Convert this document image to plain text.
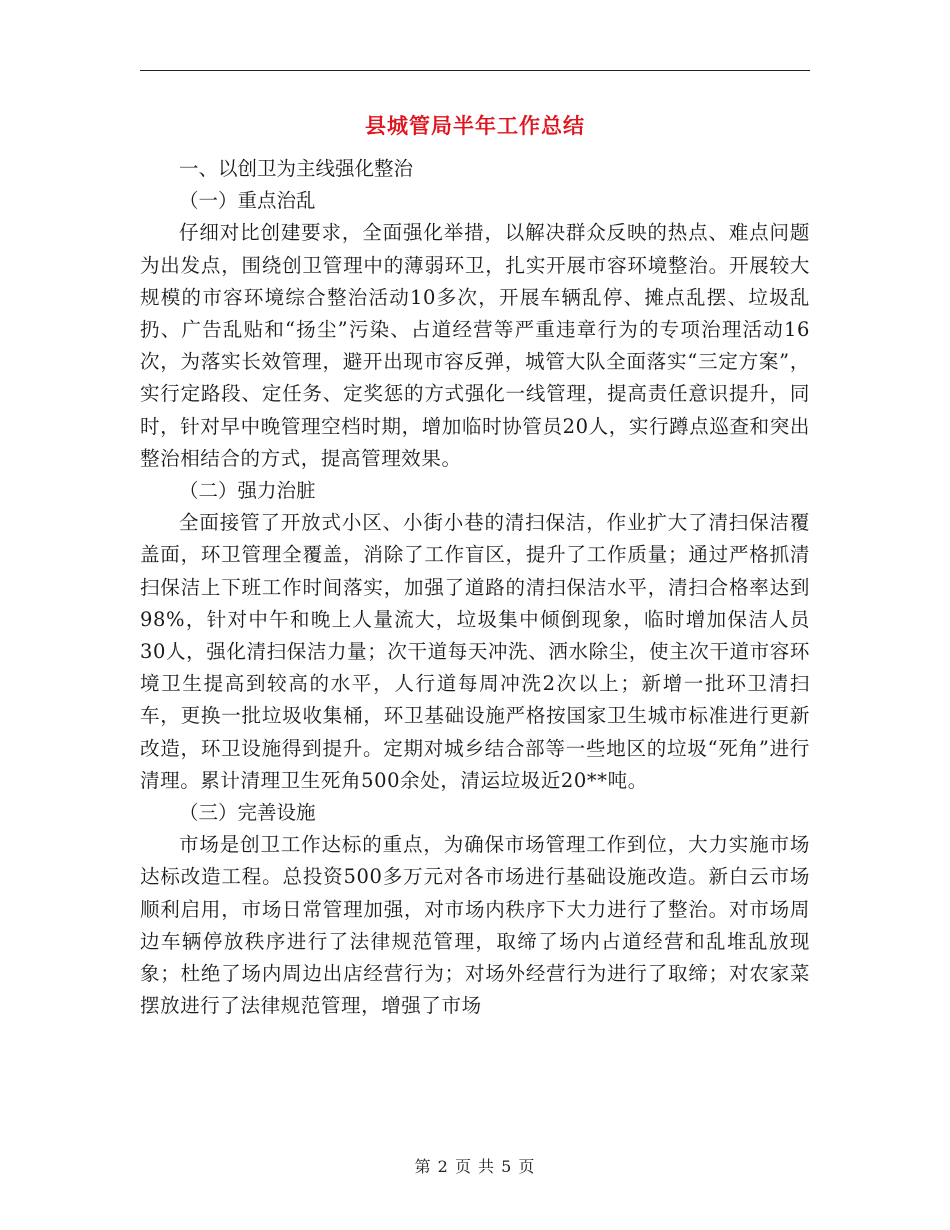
县城管局半年工作总结

一、以创卫为主线强化整治

（一）重点治乱

仔细对比创建要求，全面强化举措，以解决群众反映的热点、难点问题为出发点，围绕创卫管理中的薄弱环卫，扎实开展市容环境整治。开展较大规模的市容环境综合整治活动10多次，开展车辆乱停、摊点乱摆、垃圾乱扔、广告乱贴和“扬尘”污染、占道经营等严重违章行为的专项治理活动16次，为落实长效管理，避开出现市容反弹，城管大队全面落实“三定方案”，实行定路段、定任务、定奖惩的方式强化一线管理，提高责任意识提升，同时，针对早中晚管理空档时期，增加临时协管员20人，实行蹲点巡查和突出整治相结合的方式，提高管理效果。

（二）强力治脏

全面接管了开放式小区、小街小巷的清扫保洁，作业扩大了清扫保洁覆盖面，环卫管理全覆盖，消除了工作盲区，提升了工作质量；通过严格抓清扫保洁上下班工作时间落实，加强了道路的清扫保洁水平，清扫合格率达到98%，针对中午和晚上人量流大，垃圾集中倾倒现象，临时增加保洁人员30人，强化清扫保洁力量；次干道每天冲洗、洒水除尘，使主次干道市容环境卫生提高到较高的水平，人行道每周冲洗2次以上；新增一批环卫清扫车，更换一批垃圾收集桶，环卫基础设施严格按国家卫生城市标准进行更新改造，环卫设施得到提升。定期对城乡结合部等一些地区的垃圾“死角”进行清理。累计清理卫生死角500余处，清运垃圾近20**吨。

（三）完善设施

市场是创卫工作达标的重点，为确保市场管理工作到位，大力实施市场达标改造工程。总投资500多万元对各市场进行基础设施改造。新白云市场顺利启用，市场日常管理加强，对市场内秩序下大力进行了整治。对市场周边车辆停放秩序进行了法律规范管理，取缔了场内占道经营和乱堆乱放现象；杜绝了场内周边出店经营行为；对场外经营行为进行了取缔；对农家菜摆放进行了法律规范管理，增强了市场

第 2 页 共 5 页
